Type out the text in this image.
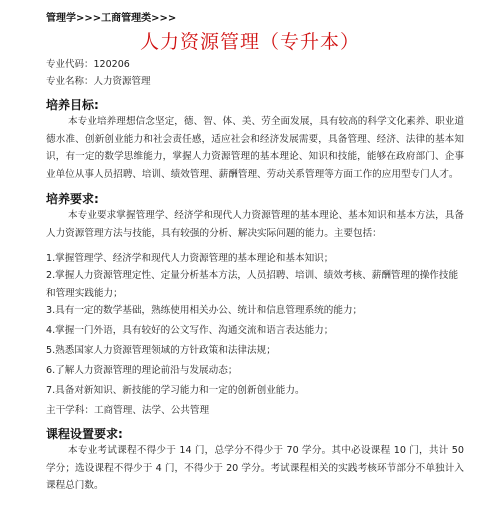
管理学>>>工商管理类>>>
人力资源管理（专升本）
专业代码：120206
专业名称：人力资源管理
培养目标:
本专业培养理想信念坚定，德、智、体、美、劳全面发展，具有较高的科学文化素养、职业道德水准、创新创业能力和社会责任感，适应社会和经济发展需要，具备管理、经济、法律的基本知识，有一定的数学思维能力，掌握人力资源管理的基本理论、知识和技能，能够在政府部门、企事业单位从事人员招聘、培训、绩效管理、薪酬管理、劳动关系管理等方面工作的应用型专门人才。
培养要求:
本专业要求掌握管理学、经济学和现代人力资源管理的基本理论、基本知识和基本方法，具备人力资源管理方法与技能，具有较强的分析、解决实际问题的能力。主要包括：
1.掌握管理学、经济学和现代人力资源管理的基本理论和基本知识；
2.掌握人力资源管理定性、定量分析基本方法，人员招聘、培训、绩效考核、薪酬管理的操作技能和管理实践能力；
3.具有一定的数学基础，熟练使用相关办公、统计和信息管理系统的能力；
4.掌握一门外语，具有较好的公文写作、沟通交流和语言表达能力；
5.熟悉国家人力资源管理领域的方针政策和法律法规；
6.了解人力资源管理的理论前沿与发展动态；
7.具备对新知识、新技能的学习能力和一定的创新创业能力。
主干学科：工商管理、法学、公共管理
课程设置要求:
本专业考试课程不得少于 14 门，总学分不得少于 70 学分。其中必设课程 10 门，共计 50 学分；选设课程不得少于 4 门，不得少于 20 学分。考试课程相关的实践考核环节部分不单独计入课程总门数。
